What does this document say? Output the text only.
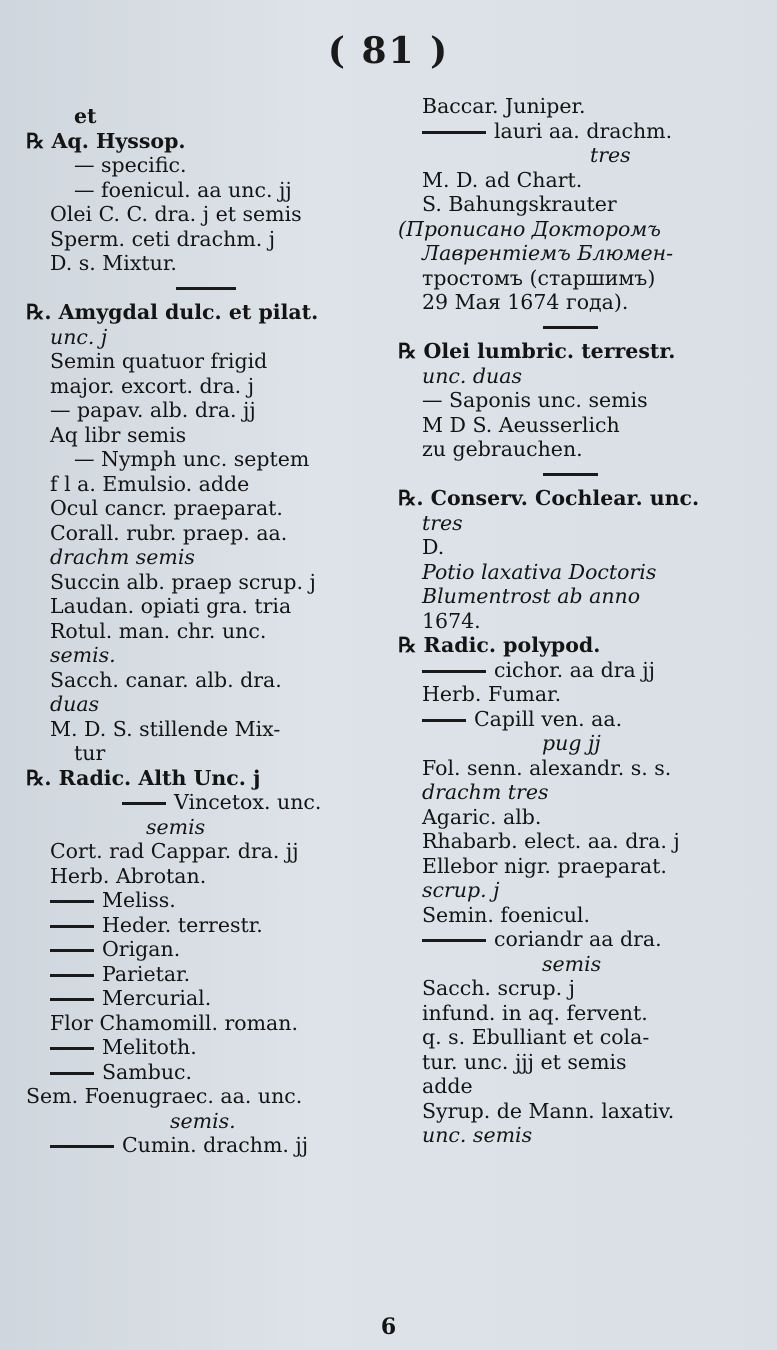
( 81 )
et
℞ Aq. Hyssop.
— specific.
— foenicul. aa unc. jj
Olei C. C. dra. j et semis
Sperm. ceti drachm. j
D. s. Mixtur.
℞. Amygdal dulc. et pilat.
unc. j
Semin quatuor frigid
major. excort. dra. j
— papav. alb. dra. jj
Aq libr semis
— Nymph unc. septem
f l a. Emulsio. adde
Ocul cancr. praeparat.
Corall. rubr. praep. aa.
drachm semis
Succin alb. praep scrup. j
Laudan. opiati gra. tria
Rotul. man. chr. unc.
semis.
Sacch. canar. alb. dra.
duas
M. D. S. stillende Mix-
tur
℞. Radic. Alth Unc. j
Vincetox. unc.
semis
Cort. rad Cappar. dra. jj
Herb. Abrotan.
Meliss.
Heder. terrestr.
Origan.
Parietar.
Mercurial.
Flor Chamomill. roman.
Melitoth.
Sambuc.
Sem. Foenugraec. aa. unc.
semis.
Cumin. drachm. jj
Baccar. Juniper.
lauri aa. drachm.
tres
M. D. ad Chart.
S. Bahungskrauter
(Прописано Докторомъ
Лаврентіемъ Блюмен-
тростомъ (старшимъ)
29 Мая 1674 года).
℞ Olei lumbric. terrestr.
unc. duas
— Saponis unc. semis
M D S. Aeusserlich
zu gebrauchen.
℞. Conserv. Cochlear. unc.
tres
D.
Potio laxativa Doctoris
Blumentrost ab anno
1674.
℞ Radic. polypod.
cichor. aa dra jj
Herb. Fumar.
Capill ven. aa.
pug jj
Fol. senn. alexandr. s. s.
drachm tres
Agaric. alb.
Rhabarb. elect. aa. dra. j
Ellebor nigr. praeparat.
scrup. j
Semin. foenicul.
coriandr aa dra.
semis
Sacch. scrup. j
infund. in aq. fervent.
q. s. Ebulliant et cola-
tur. unc. jjj et semis
adde
Syrup. de Mann. laxativ.
unc. semis
6
